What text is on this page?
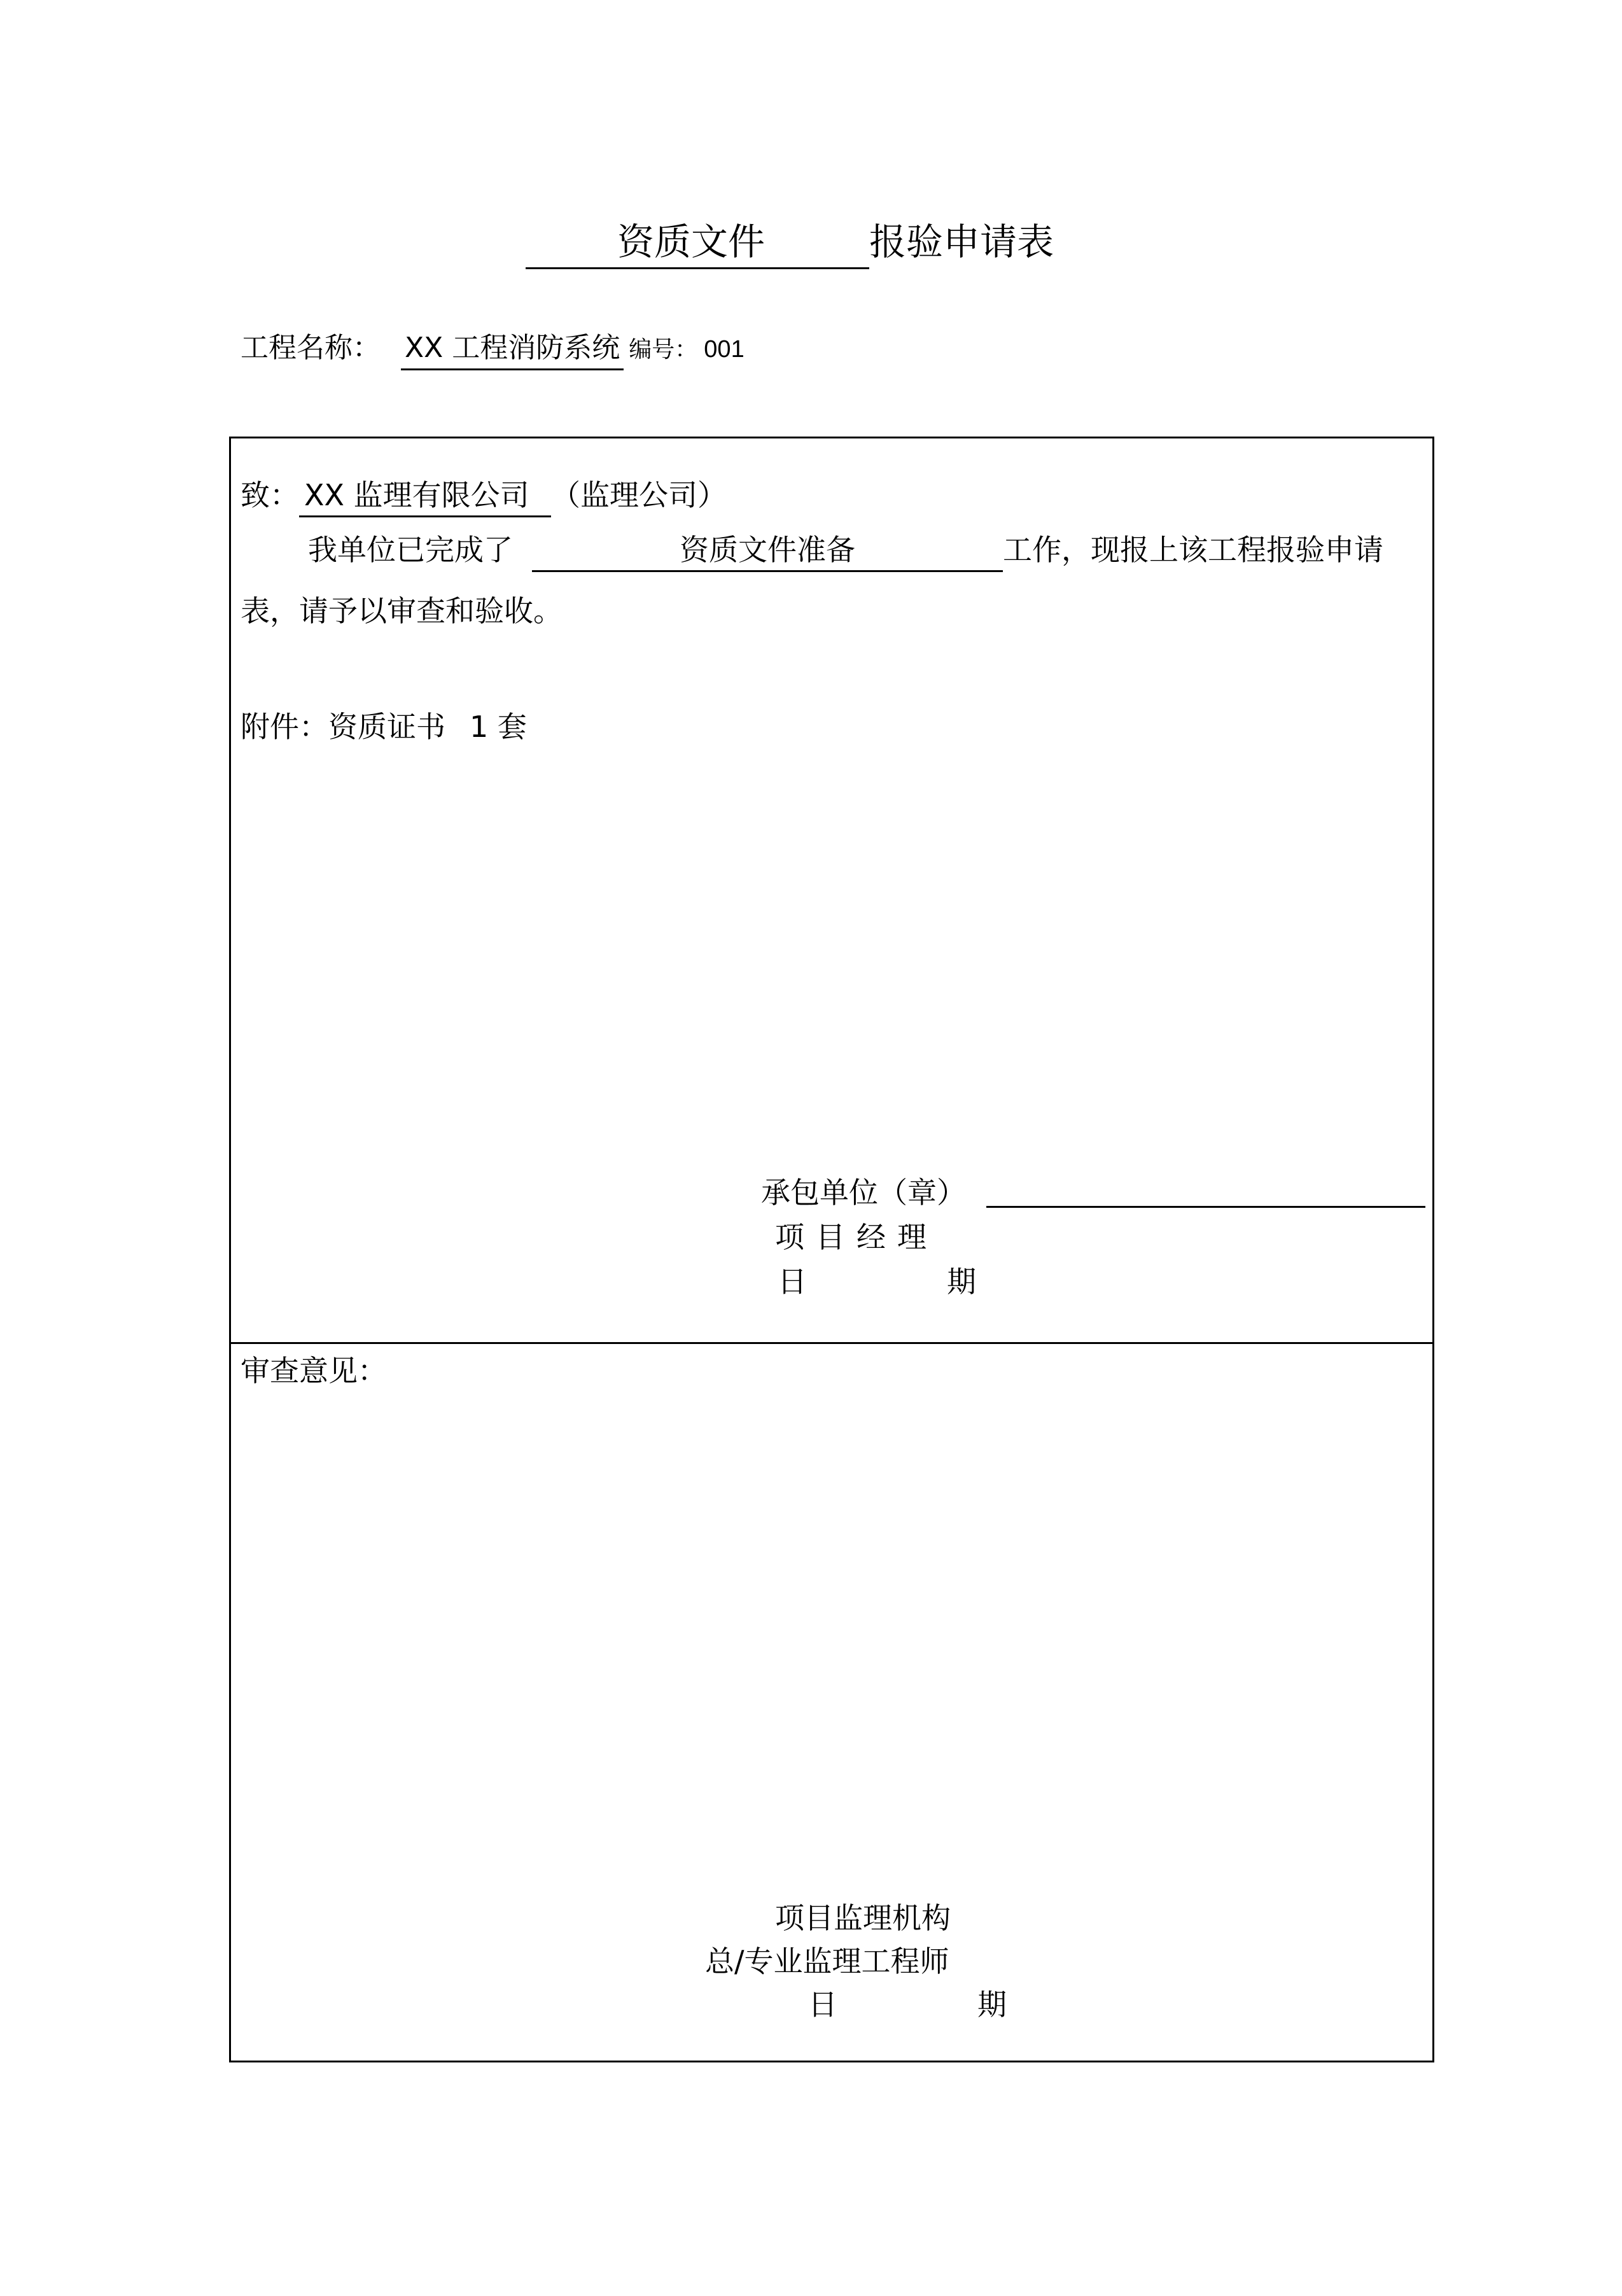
资质文件	报验申请表
工程名称： XX 工程消防系统 编号： 001
致： XX 监理有限公司 （监理公司）
我单位已完成了	资质文件准备	工作，现报上该工程报验申请
表，请予以审查和验收。
附件：资质证书 1 套
承包单位（章）
项目经理
日	期
审查意见：
项目监理机构
总/专业监理工程师
日	期
